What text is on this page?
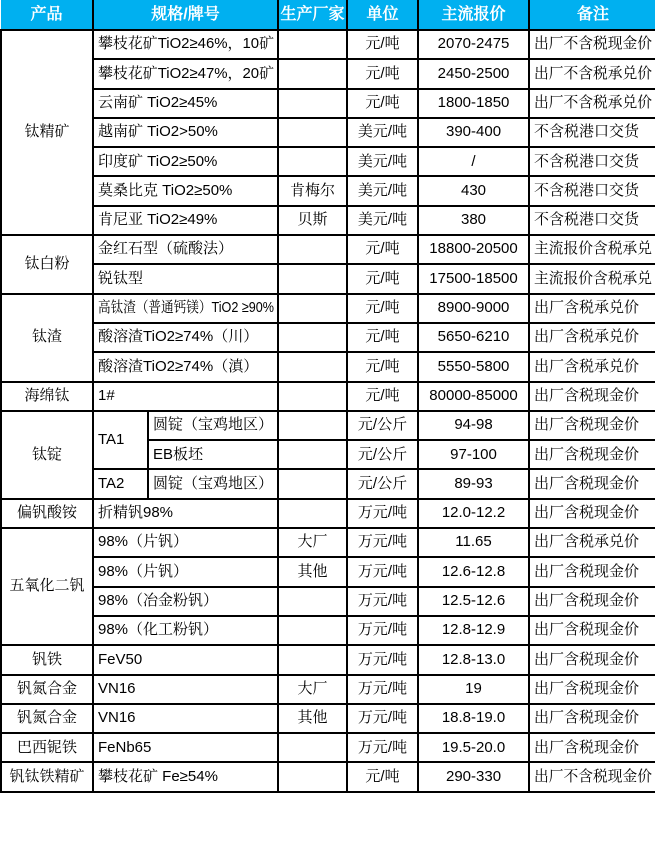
产品	规格/牌号		生产厂家	单位	主流报价	备注
钛精矿	攀枝花矿TiO2≥46%，10矿			元/吨	2070-2475	出厂不含税现金价
	攀枝花矿TiO2≥47%，20矿			元/吨	2450-2500	出厂不含税承兑价
	云南矿 TiO2≥45%			元/吨	1800-1850	出厂不含税承兑价
	越南矿 TiO2>50%			美元/吨	390-400	不含税港口交货
	印度矿 TiO2≥50%			美元/吨	/	不含税港口交货
	莫桑比克 TiO2≥50%		肯梅尔	美元/吨	430	不含税港口交货
	肯尼亚 TiO2≥49%		贝斯	美元/吨	380	不含税港口交货
钛白粉	金红石型（硫酸法）			元/吨	18800-20500	主流报价含税承兑
	锐钛型			元/吨	17500-18500	主流报价含税承兑
钛渣	高钛渣（普通钙镁）TiO2 ≥90%			元/吨	8900-9000	出厂含税承兑价
	酸溶渣TiO2≥74%（川）			元/吨	5650-6210	出厂含税承兑价
	酸溶渣TiO2≥74%（滇）			元/吨	5550-5800	出厂含税承兑价
海绵钛	1#			元/吨	80000-85000	出厂含税现金价
钛锭	TA1	圆锭（宝鸡地区）		元/公斤	94-98	出厂含税现金价
		EB板坯		元/公斤	97-100	出厂含税现金价
	TA2	圆锭（宝鸡地区）		元/公斤	89-93	出厂含税现金价
偏钒酸铵	折精钒98%			万元/吨	12.0-12.2	出厂含税现金价
五氧化二钒	98%（片钒）		大厂	万元/吨	11.65	出厂含税承兑价
	98%（片钒）		其他	万元/吨	12.6-12.8	出厂含税现金价
	98%（冶金粉钒）			万元/吨	12.5-12.6	出厂含税现金价
	98%（化工粉钒）			万元/吨	12.8-12.9	出厂含税现金价
钒铁	FeV50			万元/吨	12.8-13.0	出厂含税现金价
钒氮合金	VN16		大厂	万元/吨	19	出厂含税现金价
钒氮合金	VN16		其他	万元/吨	18.8-19.0	出厂含税现金价
巴西铌铁	FeNb65			万元/吨	19.5-20.0	出厂含税现金价
钒钛铁精矿	攀枝花矿 Fe≥54%			元/吨	290-330	出厂不含税现金价
